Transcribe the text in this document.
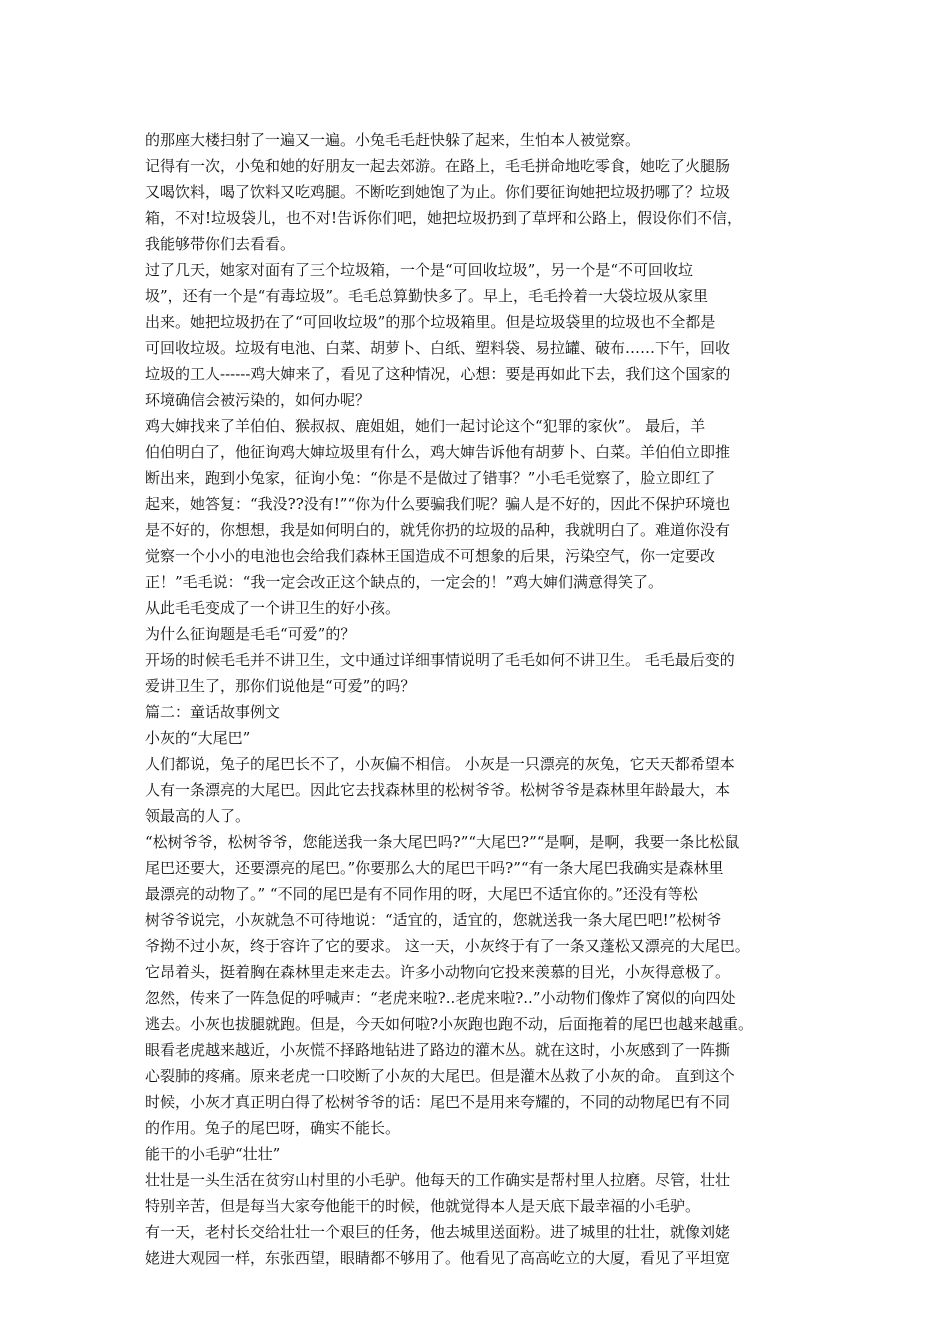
的那座大楼扫射了一遍又一遍。小兔毛毛赶快躲了起来，生怕本人被觉察。
记得有一次，小兔和她的好朋友一起去郊游。在路上，毛毛拼命地吃零食，她吃了火腿肠
又喝饮料，喝了饮料又吃鸡腿。不断吃到她饱了为止。你们要征询她把垃圾扔哪了？垃圾
箱，不对!垃圾袋儿，也不对!告诉你们吧，她把垃圾扔到了草坪和公路上，假设你们不信，
我能够带你们去看看。
过了几天，她家对面有了三个垃圾箱，一个是“可回收垃圾”，另一个是“不可回收垃
圾”，还有一个是“有毒垃圾”。毛毛总算勤快多了。早上，毛毛拎着一大袋垃圾从家里
出来。她把垃圾扔在了“可回收垃圾”的那个垃圾箱里。但是垃圾袋里的垃圾也不全都是
可回收垃圾。垃圾有电池、白菜、胡萝卜、白纸、塑料袋、易拉罐、破布……下午，回收
垃圾的工人------鸡大婶来了，看见了这种情况，心想：要是再如此下去，我们这个国家的
环境确信会被污染的，如何办呢？
鸡大婶找来了羊伯伯、猴叔叔、鹿姐姐，她们一起讨论这个“犯罪的家伙”。 最后，羊
伯伯明白了，他征询鸡大婶垃圾里有什么，鸡大婶告诉他有胡萝卜、白菜。羊伯伯立即推
断出来，跑到小兔家，征询小兔：“你是不是做过了错事？”小毛毛觉察了，脸立即红了
起来，她答复：“我没??没有!”“你为什么要骗我们呢？骗人是不好的，因此不保护环境也
是不好的，你想想，我是如何明白的，就凭你扔的垃圾的品种，我就明白了。难道你没有
觉察一个小小的电池也会给我们森林王国造成不可想象的后果，污染空气，你一定要改
正！”毛毛说：“我一定会改正这个缺点的，一定会的！”鸡大婶们满意得笑了。
从此毛毛变成了一个讲卫生的好小孩。
为什么征询题是毛毛“可爱”的？
开场的时候毛毛并不讲卫生，文中通过详细事情说明了毛毛如何不讲卫生。 毛毛最后变的
爱讲卫生了，那你们说他是“可爱”的吗？
篇二：童话故事例文
小灰的“大尾巴”
人们都说，兔子的尾巴长不了，小灰偏不相信。 小灰是一只漂亮的灰兔，它天天都希望本
人有一条漂亮的大尾巴。因此它去找森林里的松树爷爷。松树爷爷是森林里年龄最大，本
领最高的人了。
“松树爷爷，松树爷爷，您能送我一条大尾巴吗?”“大尾巴?”“是啊，是啊，我要一条比松鼠
尾巴还要大，还要漂亮的尾巴。”你要那么大的尾巴干吗?”“有一条大尾巴我确实是森林里
最漂亮的动物了。” “不同的尾巴是有不同作用的呀，大尾巴不适宜你的。”还没有等松
树爷爷说完，小灰就急不可待地说：“适宜的，适宜的，您就送我一条大尾巴吧!”松树爷
爷拗不过小灰，终于容许了它的要求。 这一天，小灰终于有了一条又蓬松又漂亮的大尾巴。
它昂着头，挺着胸在森林里走来走去。许多小动物向它投来羡慕的目光，小灰得意极了。
忽然，传来了一阵急促的呼喊声：“老虎来啦?..老虎来啦?..”小动物们像炸了窝似的向四处
逃去。小灰也拔腿就跑。但是，今天如何啦?小灰跑也跑不动，后面拖着的尾巴也越来越重。
眼看老虎越来越近，小灰慌不择路地钻进了路边的灌木丛。就在这时，小灰感到了一阵撕
心裂肺的疼痛。原来老虎一口咬断了小灰的大尾巴。但是灌木丛救了小灰的命。 直到这个
时候，小灰才真正明白得了松树爷爷的话：尾巴不是用来夸耀的，不同的动物尾巴有不同
的作用。兔子的尾巴呀，确实不能长。
能干的小毛驴“壮壮”
壮壮是一头生活在贫穷山村里的小毛驴。他每天的工作确实是帮村里人拉磨。尽管，壮壮
特别辛苦，但是每当大家夸他能干的时候，他就觉得本人是天底下最幸福的小毛驴。
有一天，老村长交给壮壮一个艰巨的任务，他去城里送面粉。进了城里的壮壮，就像刘姥
姥进大观园一样，东张西望，眼睛都不够用了。他看见了高高屹立的大厦，看见了平坦宽
